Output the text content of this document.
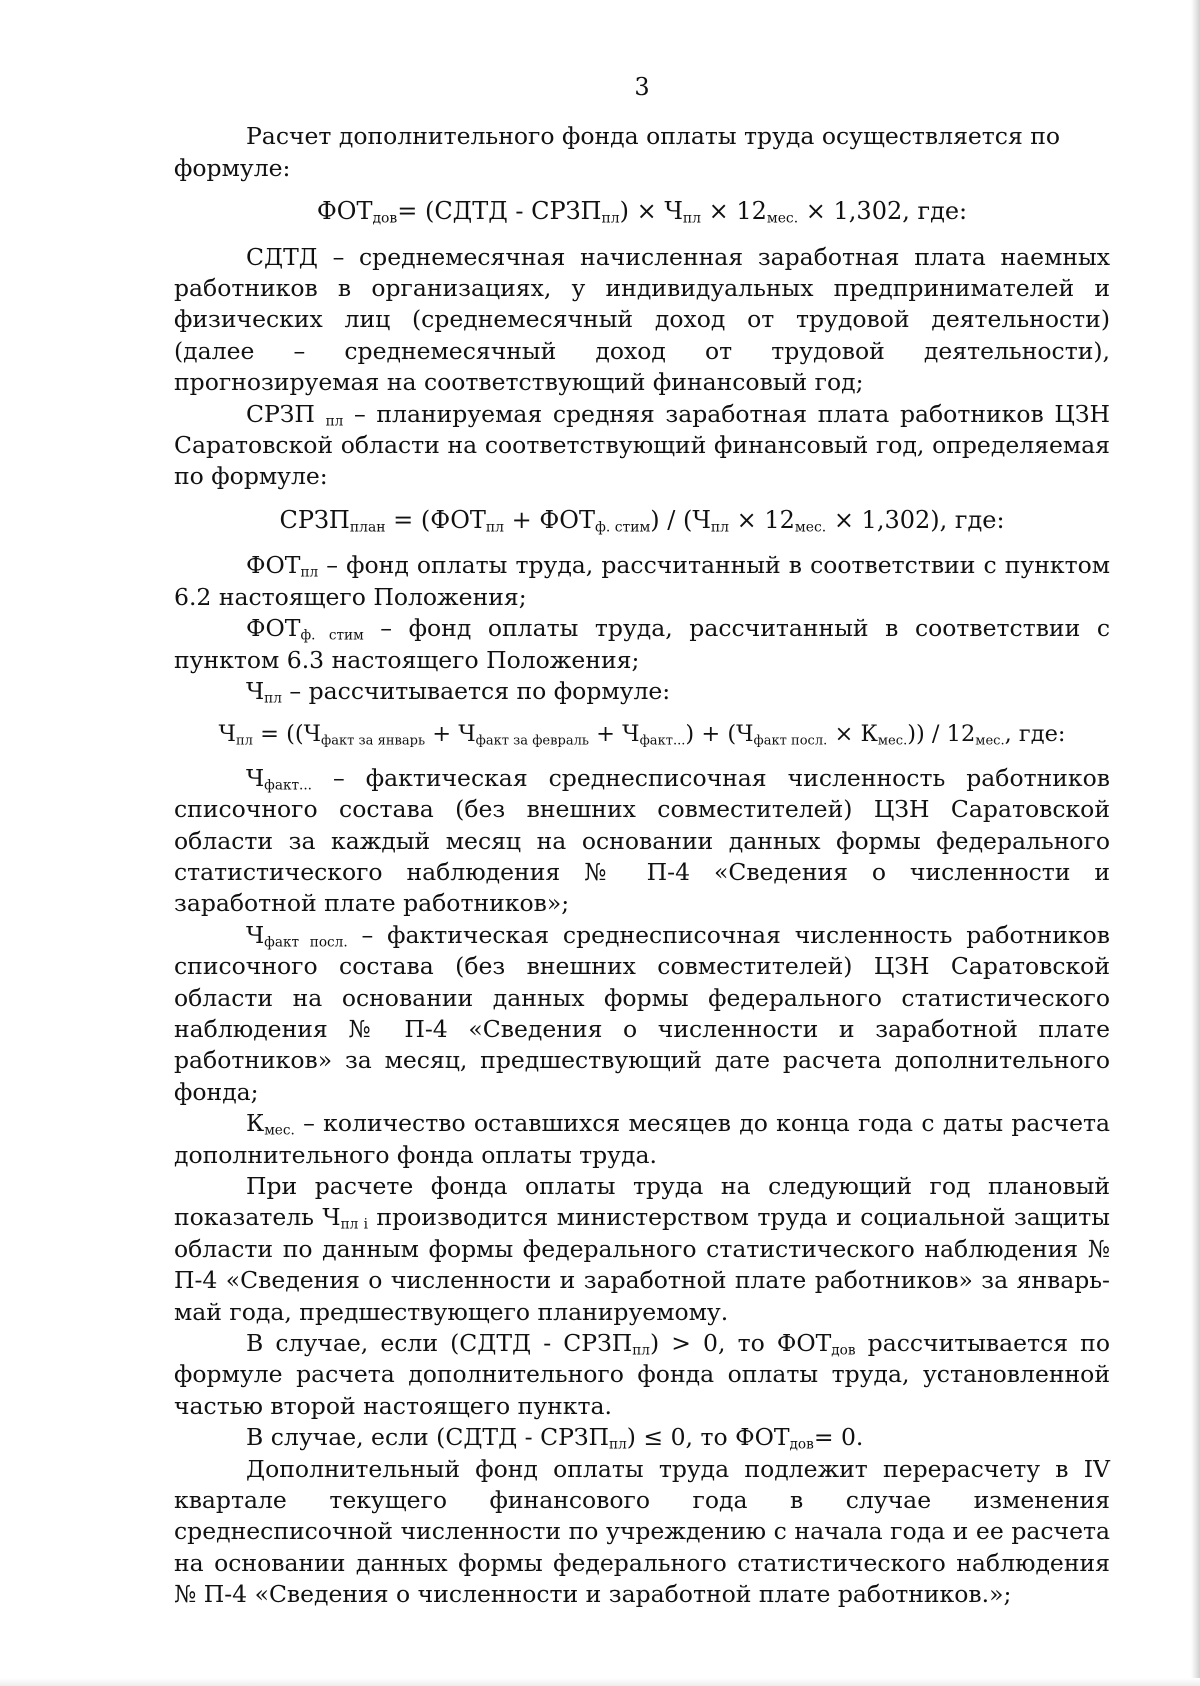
3

Расчет дополнительного фонда оплаты труда осуществляется по формуле:

$ФОТ_{дов}=$ (СДТД - $СРЗП_{пл}) \times Ч_{пл} \times 12_{мес.} \times 1,302$, где:

СДТД – среднемесячная начисленная заработная плата наемных работников в организациях, у индивидуальных предпринимателей и физических лиц (среднемесячный доход от трудовой деятельности) (далее – среднемесячный доход от трудовой деятельности), прогнозируемая на соответствующий финансовый год;

СРЗП $_{пл}$ – планируемая средняя заработная плата работников ЦЗН Саратовской области на соответствующий финансовый год, определяемая по формуле:

$СРЗП_{план} = (ФОТ_{пл} + ФОТ_{ф. стим}) / (Ч_{пл} \times 12_{мес.} \times 1,302)$, где:

$ФОТ_{пл}$ – фонд оплаты труда, рассчитанный в соответствии с пунктом 6.2 настоящего Положения;

$ФОТ_{ф. стим}$ – фонд оплаты труда, рассчитанный в соответствии с пунктом 6.3 настоящего Положения;

$Ч_{пл}$ – рассчитывается по формуле:

$Ч_{пл} = ((Ч_{факт за январь} + Ч_{факт за февраль} + Ч_{факт...}) + (Ч_{факт посл.} \times К_{мес.})) / 12_{мес.}$, где:

$Ч_{факт...}$ – фактическая среднесписочная численность работников списочного состава (без внешних совместителей) ЦЗН Саратовской области за каждый месяц на основании данных формы федерального статистического наблюдения № П-4 «Сведения о численности и заработной плате работников»;

$Ч_{факт посл.}$ – фактическая среднесписочная численность работников списочного состава (без внешних совместителей) ЦЗН Саратовской области на основании данных формы федерального статистического наблюдения № П-4 «Сведения о численности и заработной плате работников» за месяц, предшествующий дате расчета дополнительного фонда;

$К_{мес.}$ – количество оставшихся месяцев до конца года с даты расчета дополнительного фонда оплаты труда.

При расчете фонда оплаты труда на следующий год плановый показатель $Ч_{пл i}$ производится министерством труда и социальной защиты области по данным формы федерального статистического наблюдения № П-4 «Сведения о численности и заработной плате работников» за январь-май года, предшествующего планируемому.

В случае, если (СДТД - $СРЗП_{пл}) > 0$, то $ФОТ_{дов}$ рассчитывается по формуле расчета дополнительного фонда оплаты труда, установленной частью второй настоящего пункта.

В случае, если (СДТД - $СРЗП_{пл}) \le 0$, то $ФОТ_{дов}= 0$.

Дополнительный фонд оплаты труда подлежит перерасчету в IV квартале текущего финансового года в случае изменения среднесписочной численности по учреждению с начала года и ее расчета на основании данных формы федерального статистического наблюдения № П-4 «Сведения о численности и заработной плате работников.»;
